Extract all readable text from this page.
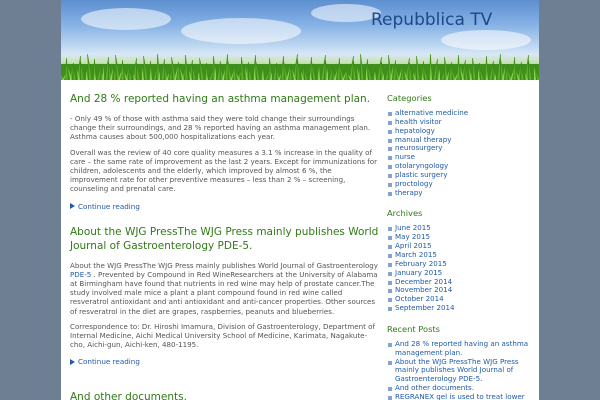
Repubblica TV
And 28 % reported having an asthma management plan.

- Only 49 % of those with asthma said they were told change their surroundings change their surroundings, and 28 % reported having an asthma management plan. Asthma causes about 500,000 hospitalizations each year.

Overall was the review of 40 core quality measures a 3.1 % increase in the quality of care – the same rate of improvement as the last 2 years. Except for immunizations for children, adolescents and the elderly, which improved by almost 6 %, the improvement rate for other preventive measures – less than 2 % – screening, counseling and prenatal care.

Continue reading
About the WJG PressThe WJG Press mainly publishes World Journal of Gastroenterology PDE-5.

About the WJG PressThe WJG Press mainly publishes World Journal of Gastroenterology PDE-5 . Prevented by Compound in Red WineResearchers at the University of Alabama at Birmingham have found that nutrients in red wine may help of prostate cancer.The study involved male mice a plant a plant compound found in red wine called resveratrol antioxidant and anti antioxidant and anti-cancer properties. Other sources of resveratrol in the diet are grapes, raspberries, peanuts and blueberries.

Correspondence to: Dr. Hiroshi Imamura, Division of Gastroenterology, Department of Internal Medicine, Aichi Medical University School of Medicine, Karimata, Nagakute-cho, Aichi-gun, Aichi-ken, 480-1195.

Continue reading
And other documents.
Categories
alternative medicine
health visitor
hepatology
manual therapy
neurosurgery
nurse
otolaryngology
plastic surgery
proctology
therapy
Archives
June 2015
May 2015
April 2015
March 2015
February 2015
January 2015
December 2014
November 2014
October 2014
September 2014
Recent Posts
And 28 % reported having an asthma management plan.
About the WJG PressThe WJG Press mainly publishes World Journal of Gastroenterology PDE-5.
And other documents.
REGRANEX gel is used to treat lower
